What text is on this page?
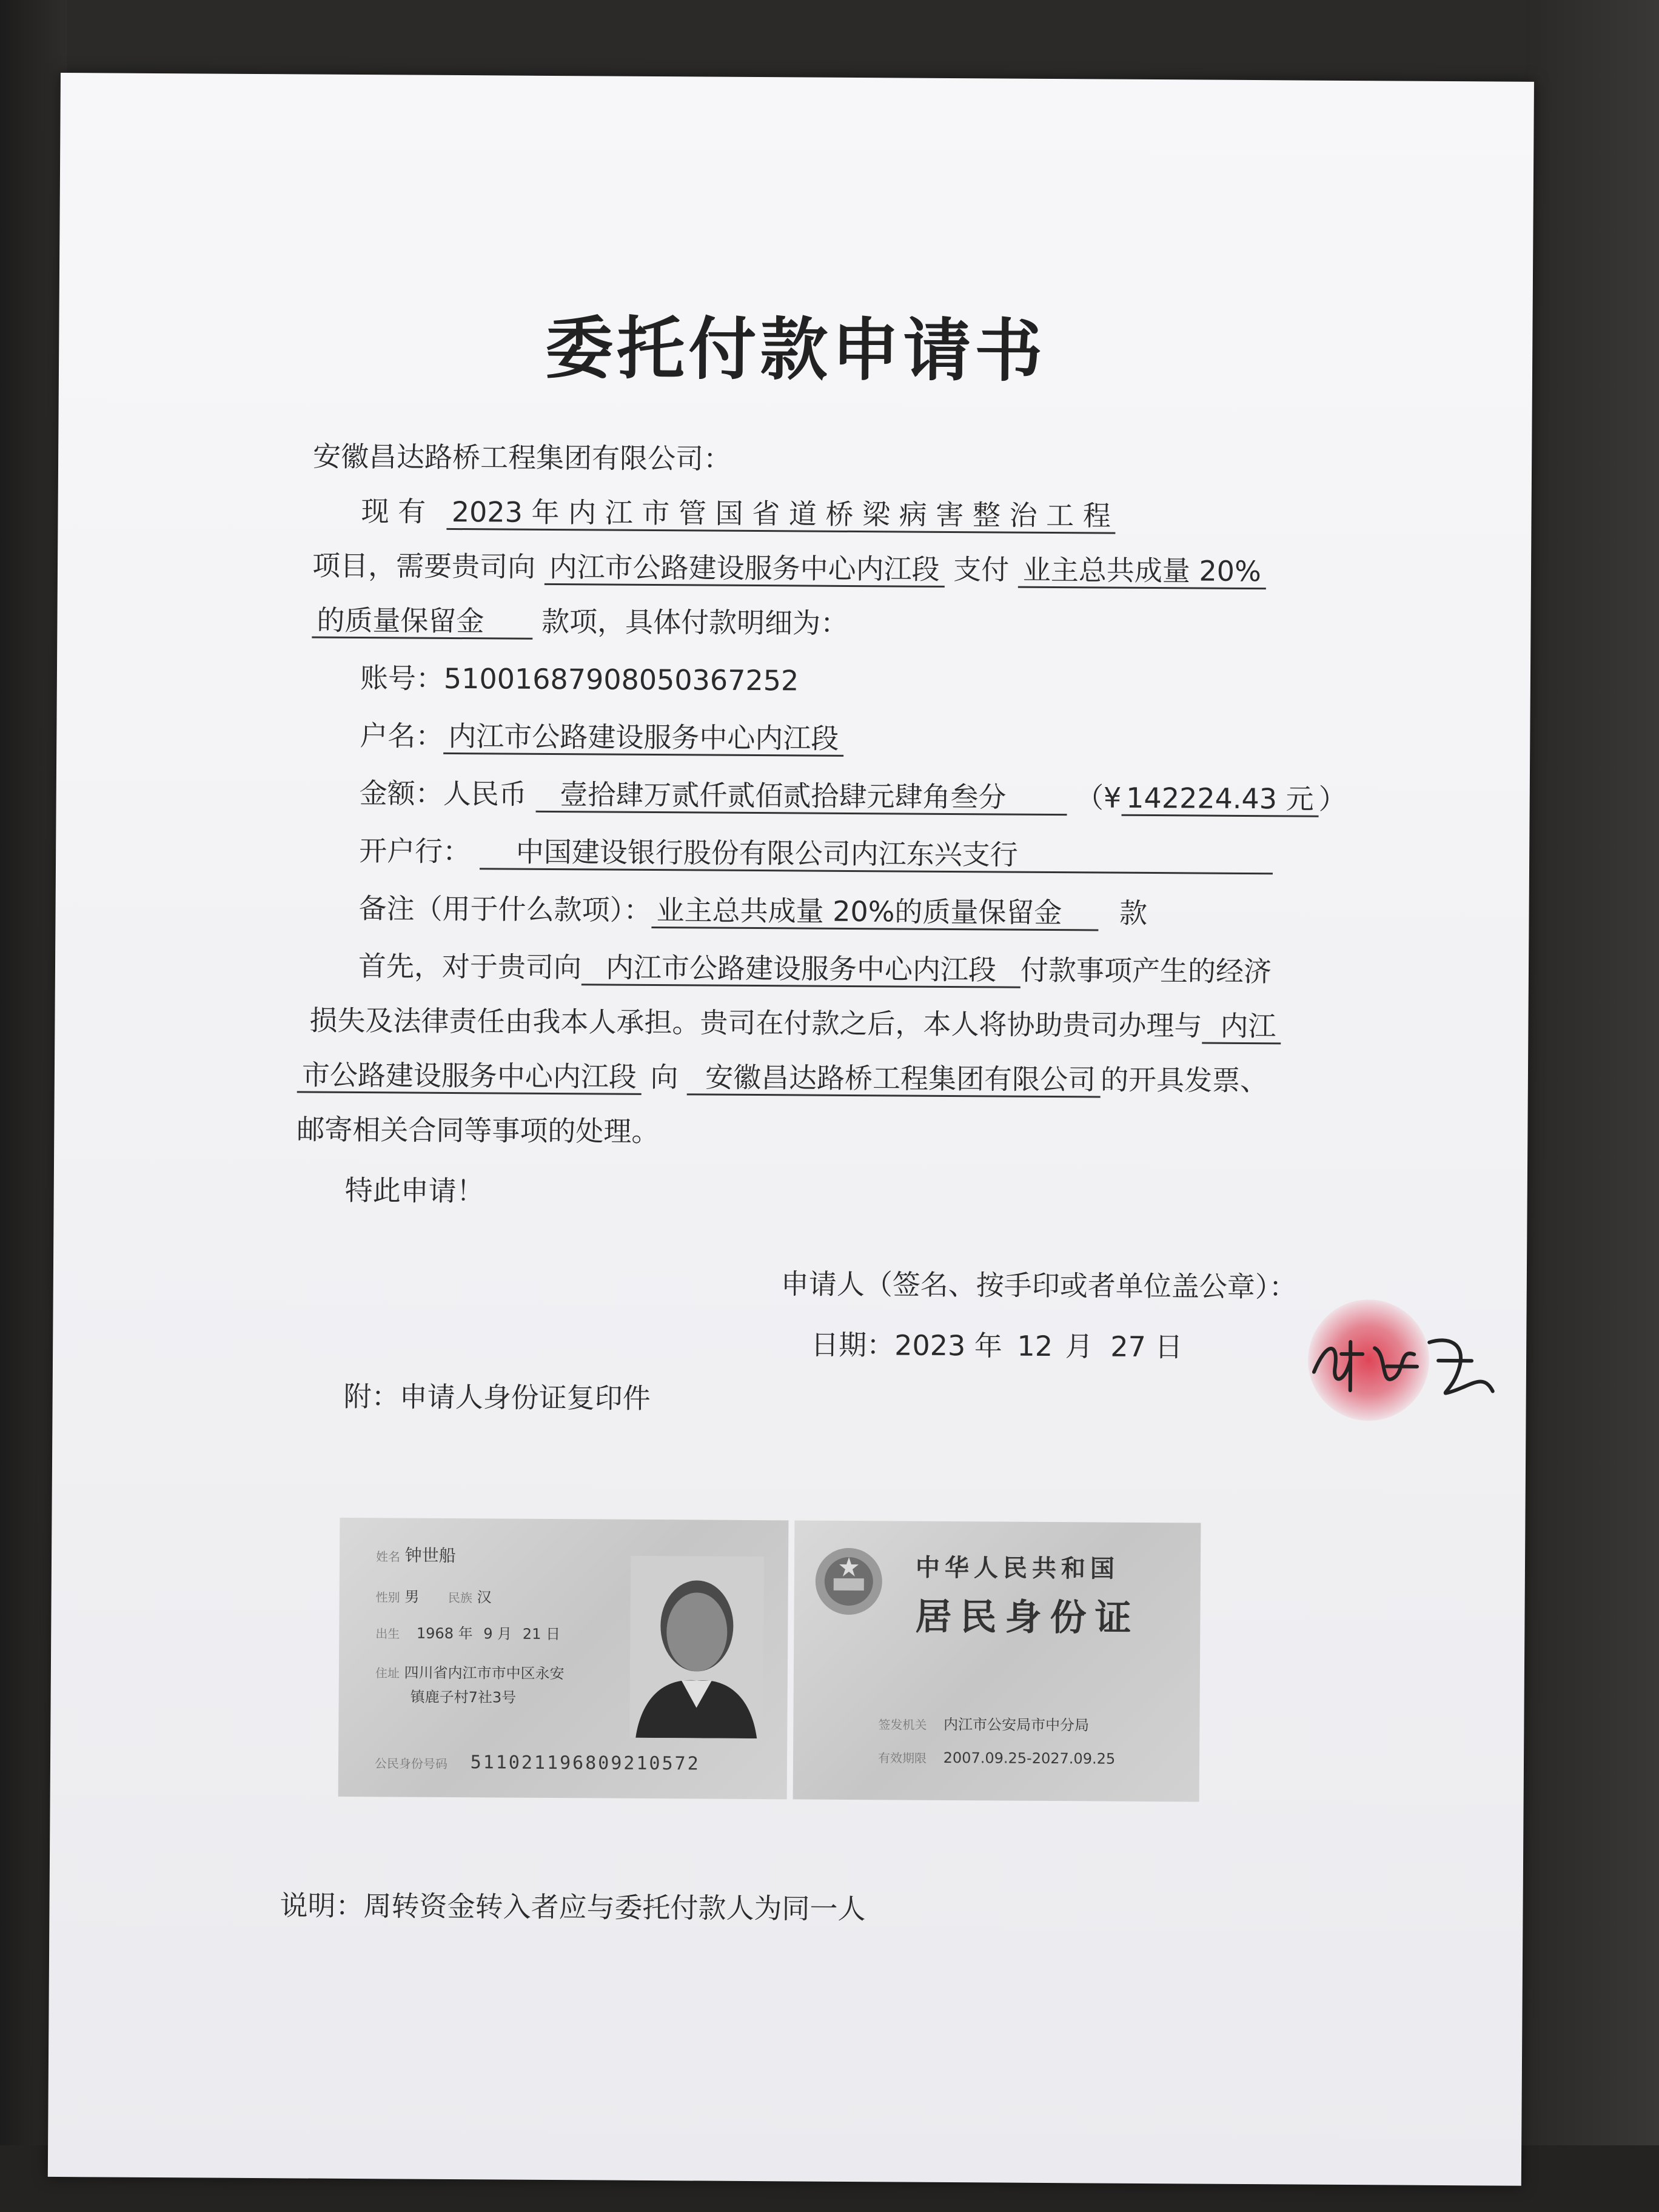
委托付款申请书
安徽昌达路桥工程集团有限公司：
现 有 2023 年 内 江 市 管 国 省 道 桥 梁 病 害 整 治 工 程
项目，需要贵司向 内江市公路建设服务中心内江段 支付 业主总共成量 20%
的质量保留金 款项，具体付款明细为：
账号：51001687908050367252
户名： 内江市公路建设服务中心内江段
金额：人民币 壹拾肆万贰仟贰佰贰拾肆元肆角叁分 （¥ 142224.43 元 ）
开户行： 中国建设银行股份有限公司内江东兴支行
备注（用于什么款项）： 业主总共成量 20%的质量保留金 款
首先，对于贵司向 内江市公路建设服务中心内江段 付款事项产生的经济
损失及法律责任由我本人承担。贵司在付款之后，本人将协助贵司办理与 内江
市公路建设服务中心内江段 向 安徽昌达路桥工程集团有限公司 的开具发票、
邮寄相关合同等事项的处理。
特此申请！
申请人（签名、按手印或者单位盖公章）：
日期：2023 年 12 月 27 日
附：申请人身份证复印件
姓名 钟世船
性别 男 民族 汉
出生 1968 年 9 月 21 日
住址 四川省内江市市中区永安
镇鹿子村7社3号
公民身份号码 511021196809210572
中华人民共和国
居民身份证
签发机关 内江市公安局市中分局
有效期限 2007.09.25-2027.09.25
说明：周转资金转入者应与委托付款人为同一人
